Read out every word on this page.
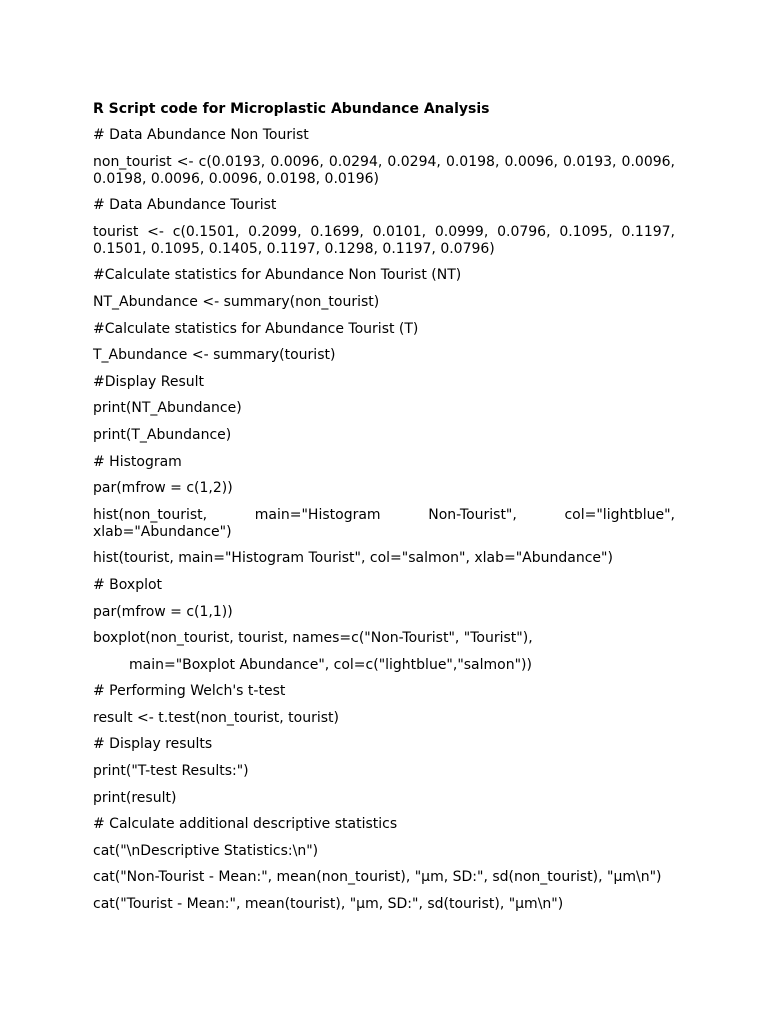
R Script code for Microplastic Abundance Analysis
# Data Abundance Non Tourist
non_tourist <- c(0.0193, 0.0096, 0.0294, 0.0294, 0.0198, 0.0096, 0.0193, 0.0096, 0.0198, 0.0096, 0.0096, 0.0198, 0.0196)
# Data Abundance Tourist
tourist <- c(0.1501, 0.2099, 0.1699, 0.0101, 0.0999, 0.0796, 0.1095, 0.1197, 0.1501, 0.1095, 0.1405, 0.1197, 0.1298, 0.1197, 0.0796)
#Calculate statistics for Abundance Non Tourist (NT)
NT_Abundance <- summary(non_tourist)
#Calculate statistics for Abundance Tourist (T)
T_Abundance <- summary(tourist)
#Display Result
print(NT_Abundance)
print(T_Abundance)
# Histogram
par(mfrow = c(1,2))
hist(non_tourist, main="Histogram Non-Tourist", col="lightblue", xlab="Abundance")
hist(tourist, main="Histogram Tourist", col="salmon", xlab="Abundance")
# Boxplot
par(mfrow = c(1,1))
boxplot(non_tourist, tourist, names=c("Non-Tourist", "Tourist"),
main="Boxplot Abundance", col=c("lightblue","salmon"))
# Performing Welch's t-test
result <- t.test(non_tourist, tourist)
# Display results
print("T-test Results:")
print(result)
# Calculate additional descriptive statistics
cat("\nDescriptive Statistics:\n")
cat("Non-Tourist - Mean:", mean(non_tourist), "µm, SD:", sd(non_tourist), "µm\n")
cat("Tourist - Mean:", mean(tourist), "µm, SD:", sd(tourist), "µm\n")
